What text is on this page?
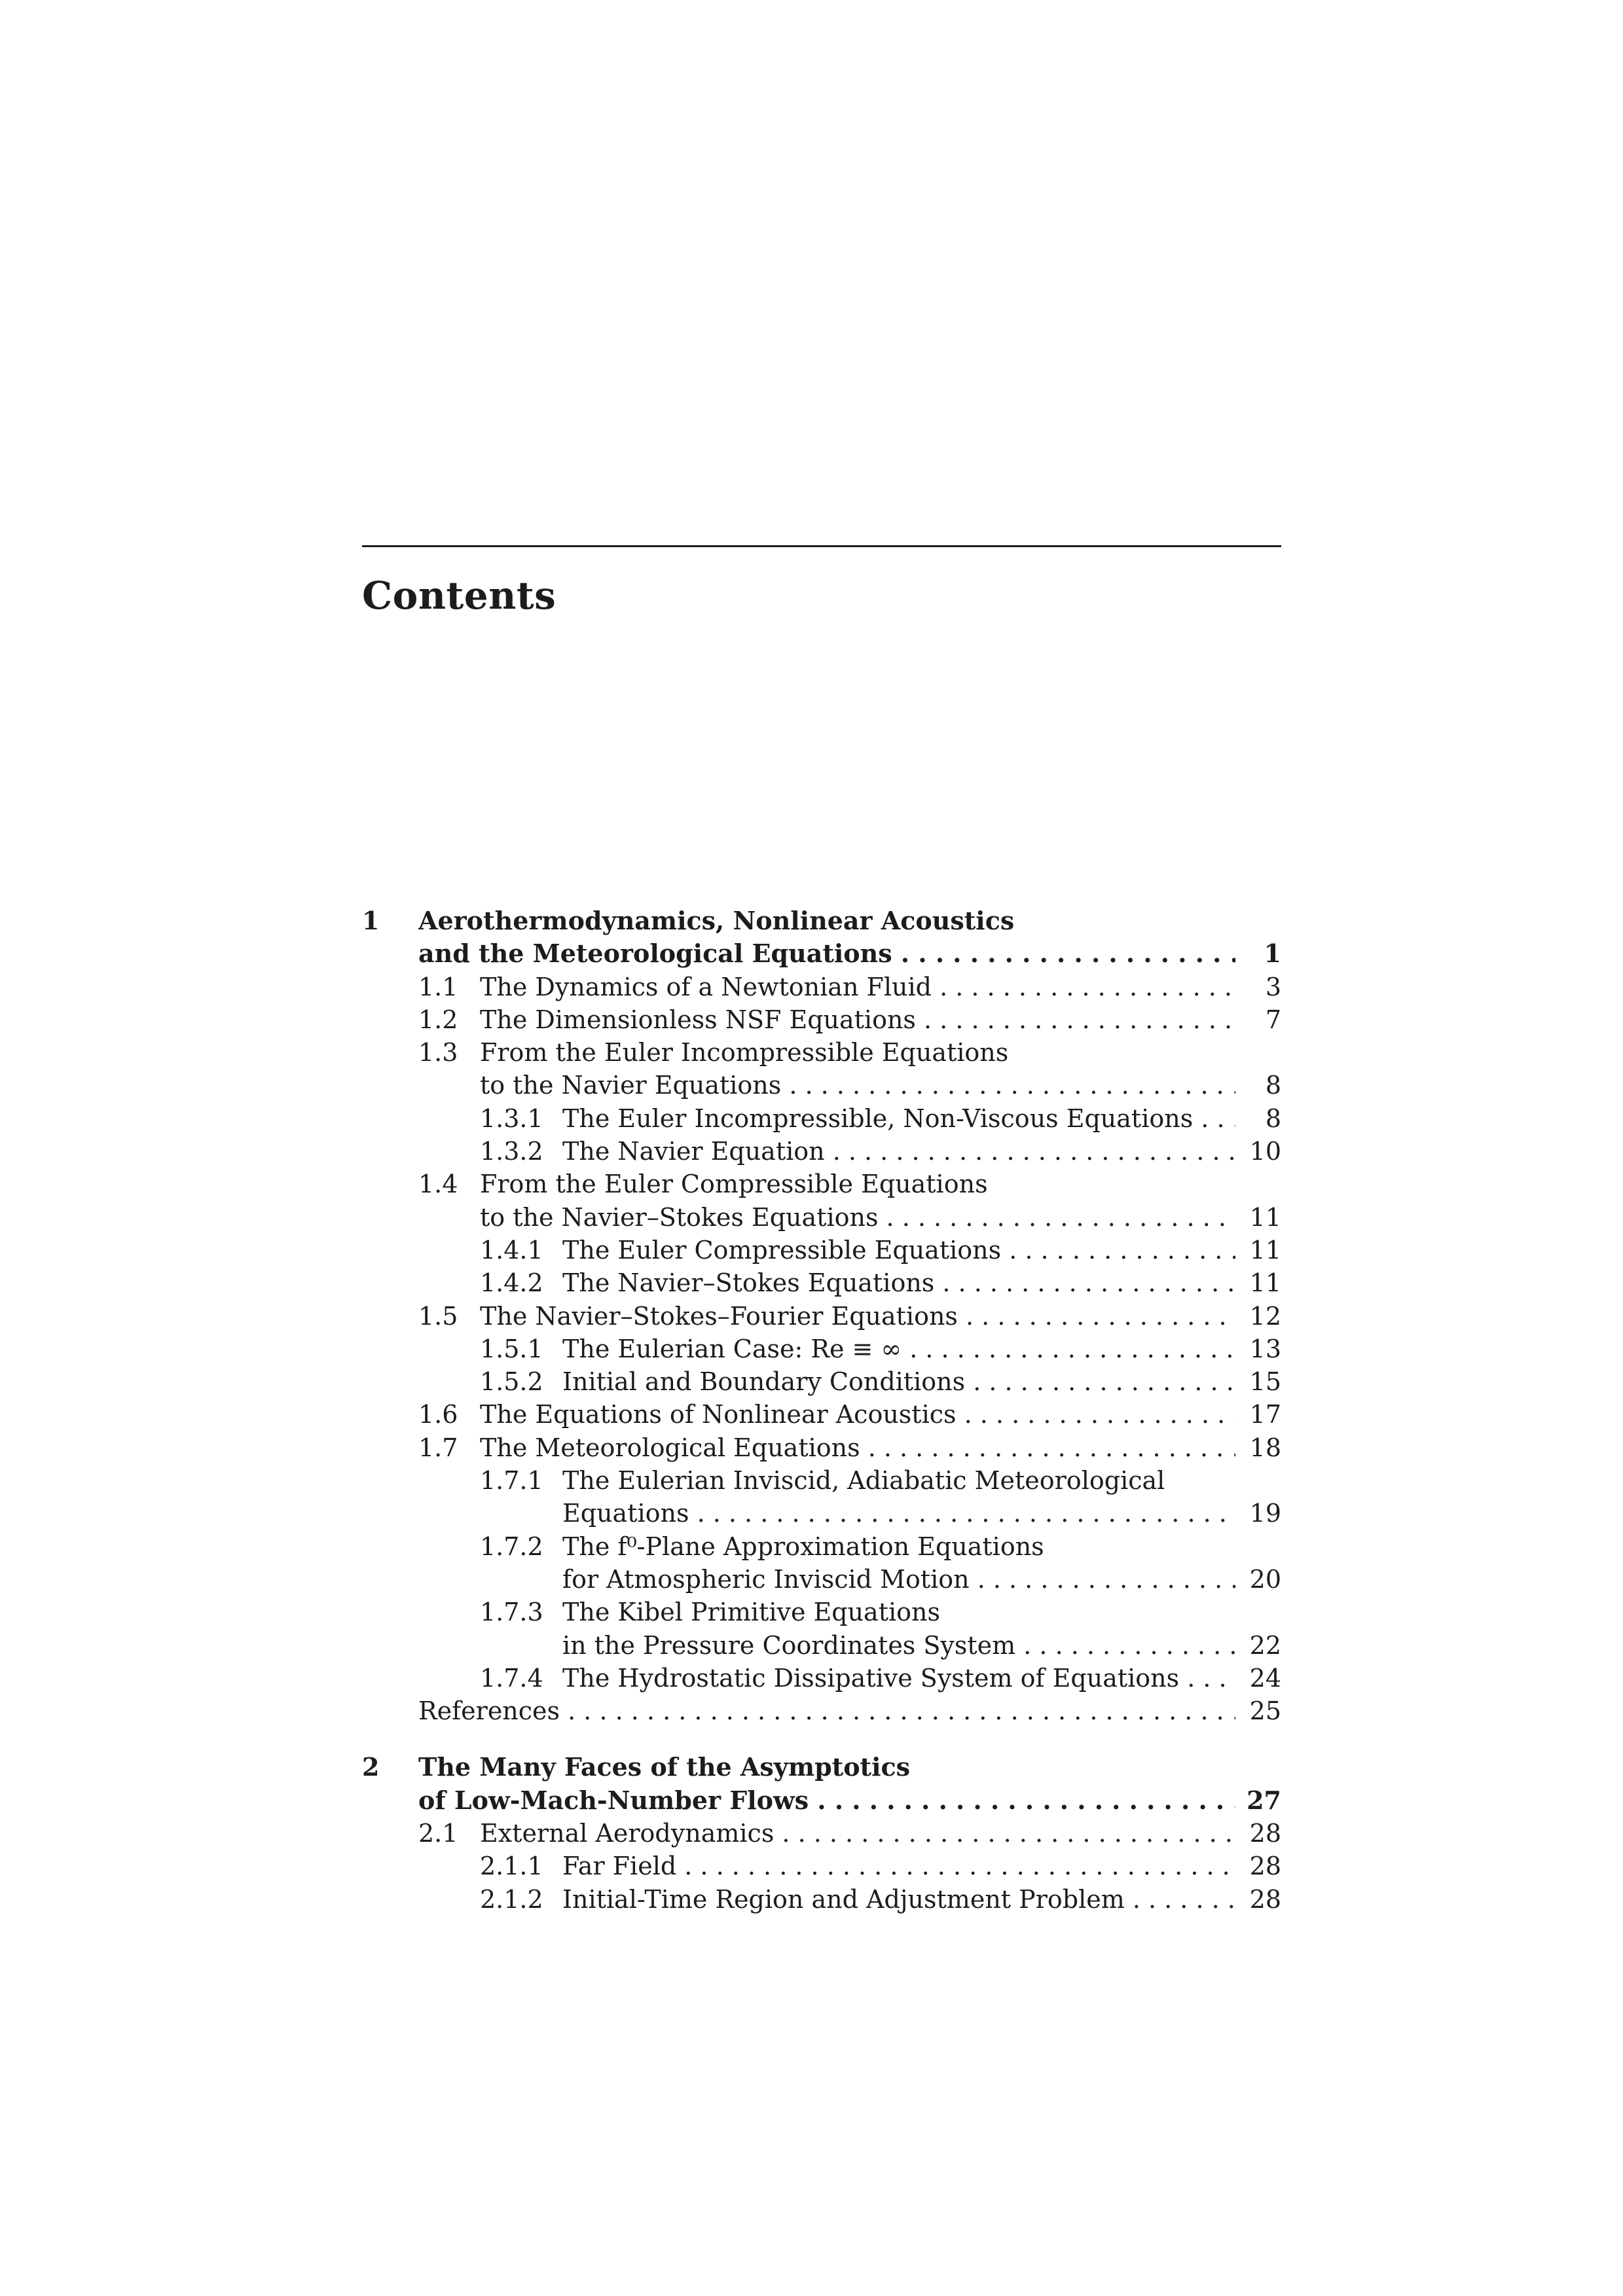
Contents
1 Aerothermodynamics, Nonlinear Acoustics
and the Meteorological Equations . . .	1
1.1 The Dynamics of a Newtonian Fluid . . .	3
1.2 The Dimensionless NSF Equations . . .	7
1.3 From the Euler Incompressible Equations
to the Navier Equations . . .	8
1.3.1 The Euler Incompressible, Non-Viscous Equations . . .	8
1.3.2 The Navier Equation . . .	10
1.4 From the Euler Compressible Equations
to the Navier–Stokes Equations . . .	11
1.4.1 The Euler Compressible Equations . . .	11
1.4.2 The Navier–Stokes Equations . . .	11
1.5 The Navier–Stokes–Fourier Equations . . .	12
1.5.1 The Eulerian Case: Re ≡ ∞ . . .	13
1.5.2 Initial and Boundary Conditions . . .	15
1.6 The Equations of Nonlinear Acoustics . . .	17
1.7 The Meteorological Equations . . .	18
1.7.1 The Eulerian Inviscid, Adiabatic Meteorological
Equations . . .	19
1.7.2 The f⁰-Plane Approximation Equations
for Atmospheric Inviscid Motion . . .	20
1.7.3 The Kibel Primitive Equations
in the Pressure Coordinates System . . .	22
1.7.4 The Hydrostatic Dissipative System of Equations . . .	24
References . . .	25
2 The Many Faces of the Asymptotics
of Low-Mach-Number Flows . . .	27
2.1 External Aerodynamics . . .	28
2.1.1 Far Field . . .	28
2.1.2 Initial-Time Region and Adjustment Problem . . .	28
